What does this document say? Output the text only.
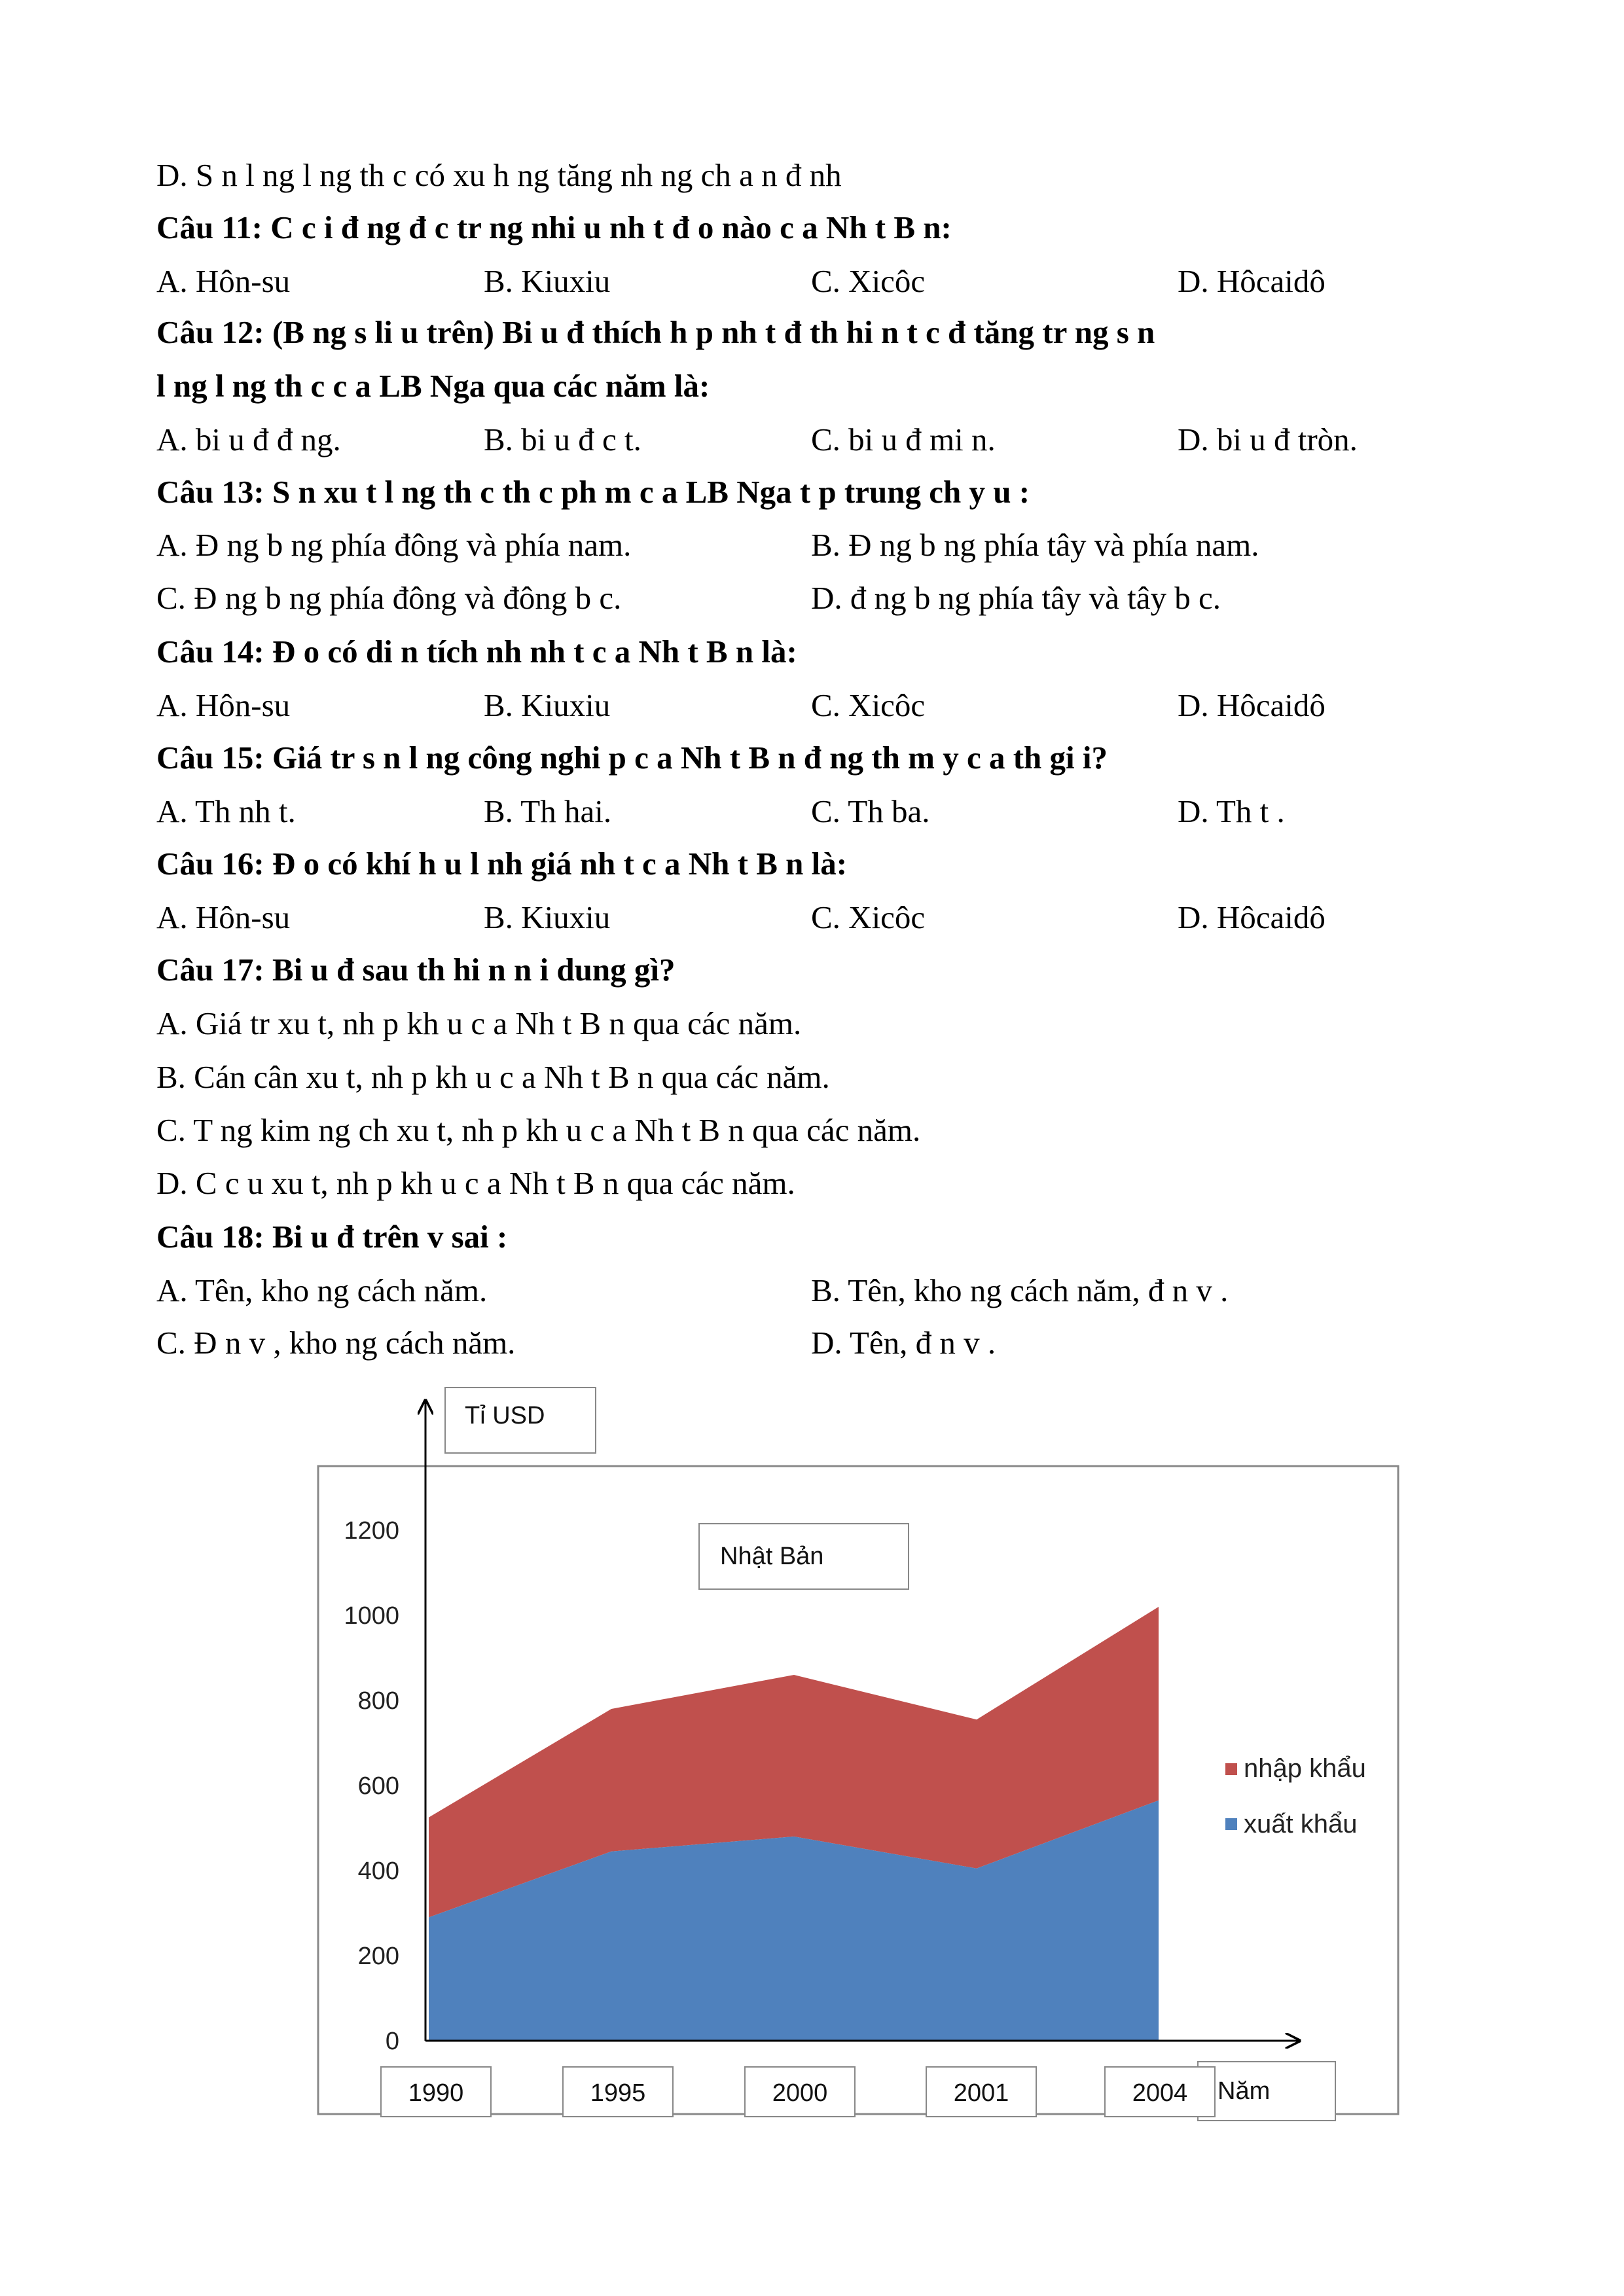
D. S n l ng l ng th c có xu h ng tăng nh ng ch a n đ nh
Câu 11: C c i đ ng đ c tr ng nhi u nh t đ o nào c a Nh t B n:
A. Hôn-su	B. Kiuxiu	C. Xicôc	D. Hôcaidô
Câu 12: (B ng s li u trên) Bi u đ thích h p nh t đ th hi n t c đ tăng tr ng s n
l ng l ng th c c a LB Nga qua các năm là:
A. bi u đ đ ng.	B. bi u đ c t.	C. bi u đ mi n.	D. bi u đ tròn.
Câu 13: S n xu t l ng th c th c ph m c a LB Nga t p trung ch y u :
A. Đ ng b ng phía đông và phía nam.	B. Đ ng b ng phía tây và phía nam.
C. Đ ng b ng phía đông và đông b c.	D. đ ng b ng phía tây và tây b c.
Câu 14: Đ o có di n tích nh nh t c a Nh t B n là:
A. Hôn-su	B. Kiuxiu	C. Xicôc	D. Hôcaidô
Câu 15: Giá tr s n l ng công nghi p c a Nh t B n đ ng th m y c a th gi i?
A. Th nh t.	B. Th hai.	C. Th ba.	D. Th t .
Câu 16: Đ o có khí h u l nh giá nh t c a Nh t B n là:
A. Hôn-su	B. Kiuxiu	C. Xicôc	D. Hôcaidô
Câu 17: Bi u đ sau th hi n n i dung gì?
A. Giá tr xu t, nh p kh u c a Nh t B n qua các năm.
B. Cán cân xu t, nh p kh u c a Nh t B n qua các năm.
C. T ng kim ng ch xu t, nh p kh u c a Nh t B n qua các năm.
D. C c u xu t, nh p kh u c a Nh t B n qua các năm.
Câu 18: Bi u đ trên v sai :
A. Tên, kho ng cách năm.	B. Tên, kho ng cách năm, đ n v .
C. Đ n v , kho ng cách năm.	D. Tên, đ n v .
0
200
400
600
800
1000
1200
Tỉ USD
Nhật Bản
Năm
1990	1995	2000	2001	2004
nhập khẩu
xuất khẩu
